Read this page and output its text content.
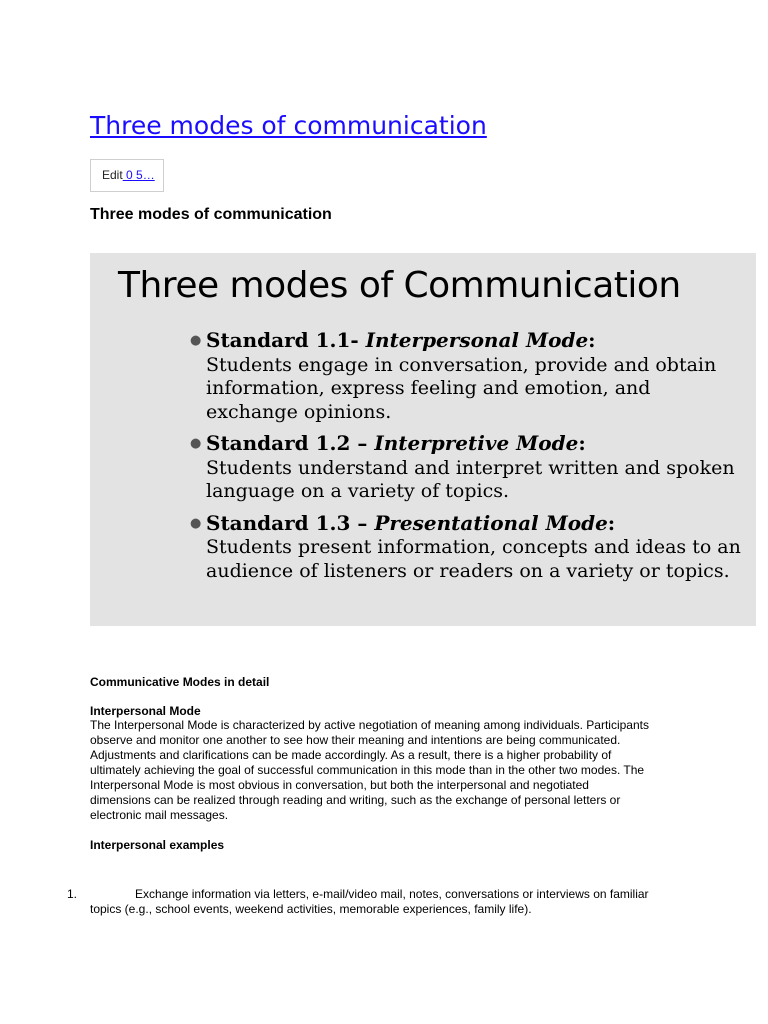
Three modes of communication
Edit 0 5…
Three modes of communication
Three modes of Communication
● Standard 1.1- Interpersonal Mode:
Students engage in conversation, provide and obtain
information, express feeling and emotion, and
exchange opinions.
● Standard 1.2 – Interpretive Mode:
Students understand and interpret written and spoken
language on a variety of topics.
● Standard 1.3 – Presentational Mode:
Students present information, concepts and ideas to an
audience of listeners or readers on a variety or topics.
Communicative Modes in detail
Interpersonal Mode

The Interpersonal Mode is characterized by active negotiation of meaning among individuals. Participants
observe and monitor one another to see how their meaning and intentions are being communicated.
Adjustments and clarifications can be made accordingly. As a result, there is a higher probability of
ultimately achieving the goal of successful communication in this mode than in the other two modes. The
Interpersonal Mode is most obvious in conversation, but both the interpersonal and negotiated
dimensions can be realized through reading and writing, such as the exchange of personal letters or
electronic mail messages.

Interpersonal examples
1.	Exchange information via letters, e-mail/video mail, notes, conversations or interviews on familiar
topics (e.g., school events, weekend activities, memorable experiences, family life).
